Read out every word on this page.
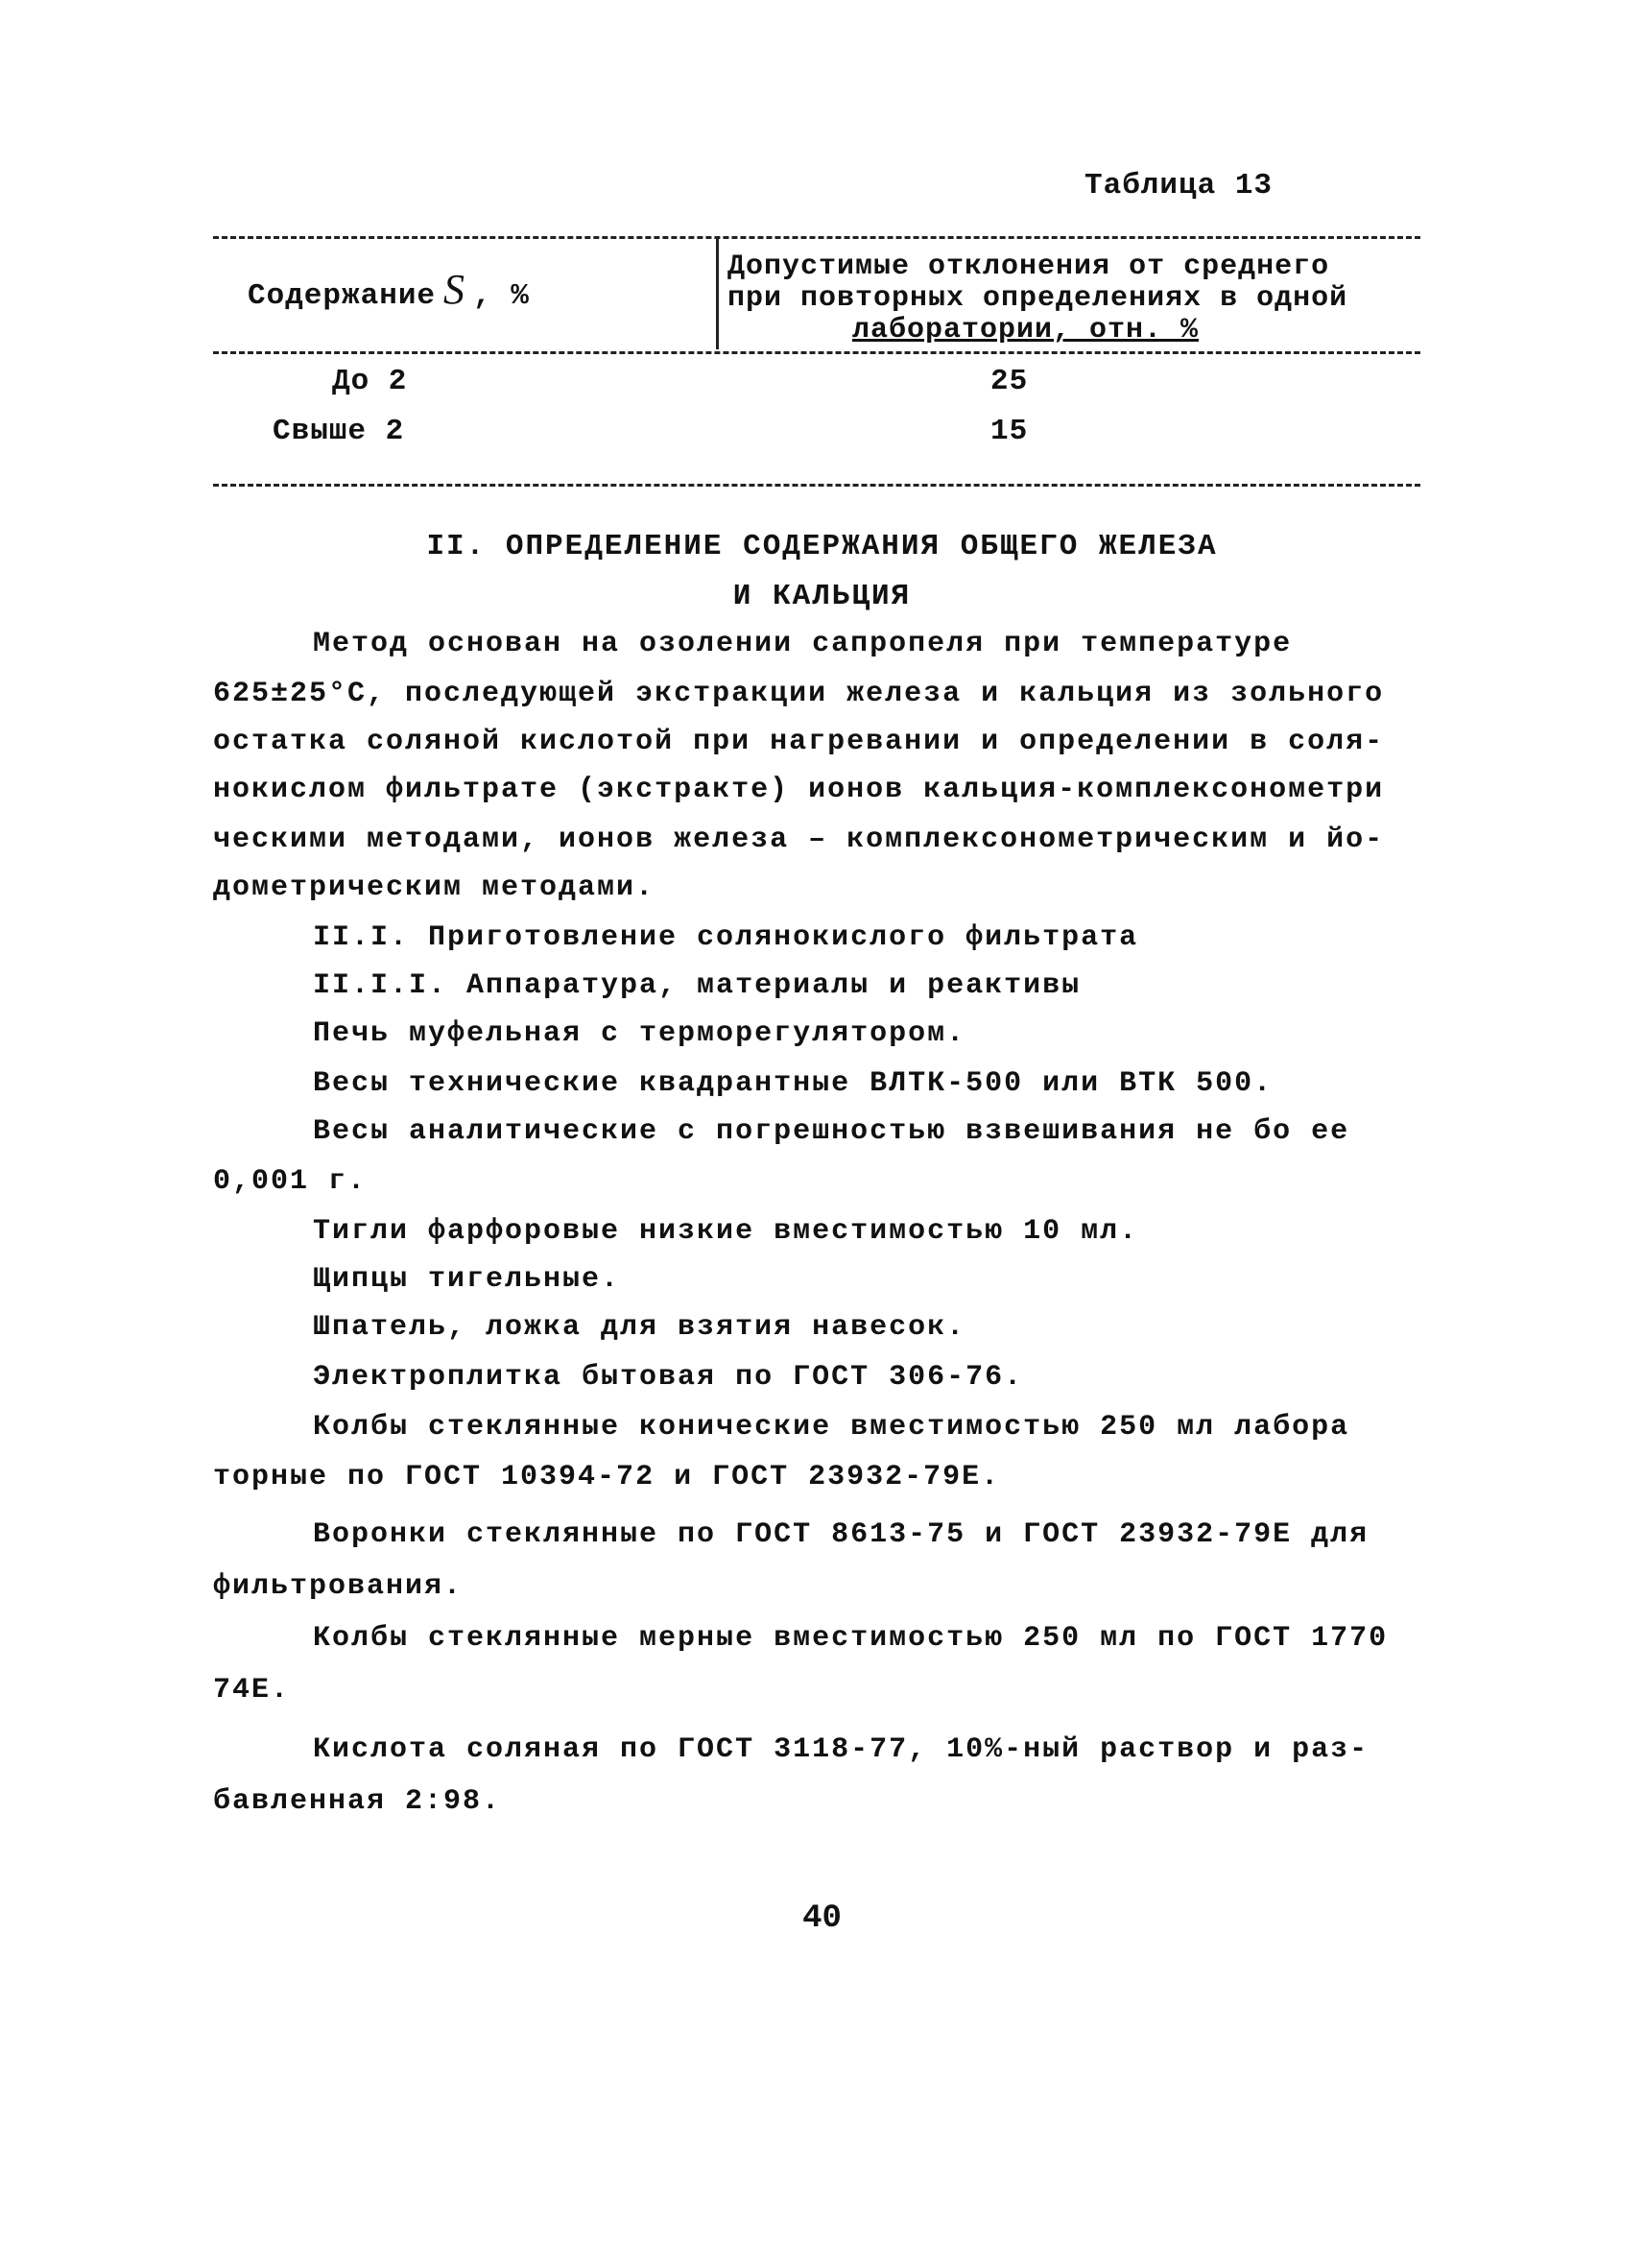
Таблица 13
Содержание S , %
Допустимые отклонения от среднего
при повторных определениях в одной
лаборатории, отн. %
До 2	25
Свыше 2	15
II. ОПРЕДЕЛЕНИЕ СОДЕРЖАНИЯ ОБЩЕГО ЖЕЛЕЗА
И КАЛЬЦИЯ
Метод основан на озолении сапропеля при температуре
625±25°С, последующей экстракции железа и кальция из зольного
остатка соляной кислотой при нагревании и определении в соля-
нокислом фильтрате (экстракте) ионов кальция-комплексонометри
ческими методами, ионов железа – комплексонометрическим и йо-
дометрическим методами.
II.I. Приготовление солянокислого фильтрата
II.I.I. Аппаратура, материалы и реактивы
Печь муфельная с терморегулятором.
Весы технические квадрантные ВЛТК-500 или ВТК 500.
Весы аналитические с погрешностью взвешивания не бо ее
0,001 г.
Тигли фарфоровые низкие вместимостью 10 мл.
Щипцы тигельные.
Шпатель, ложка для взятия навесок.
Электроплитка бытовая по ГОСТ 306-76.
Колбы стеклянные конические вместимостью 250 мл лабора
торные по ГОСТ 10394-72 и ГОСТ 23932-79Е.
Воронки стеклянные по ГОСТ 8613-75 и ГОСТ 23932-79Е для
фильтрования.
Колбы стеклянные мерные вместимостью 250 мл по ГОСТ 1770
74Е.
Кислота соляная по ГОСТ 3118-77, 10%-ный раствор и раз-
бавленная 2:98.
40
